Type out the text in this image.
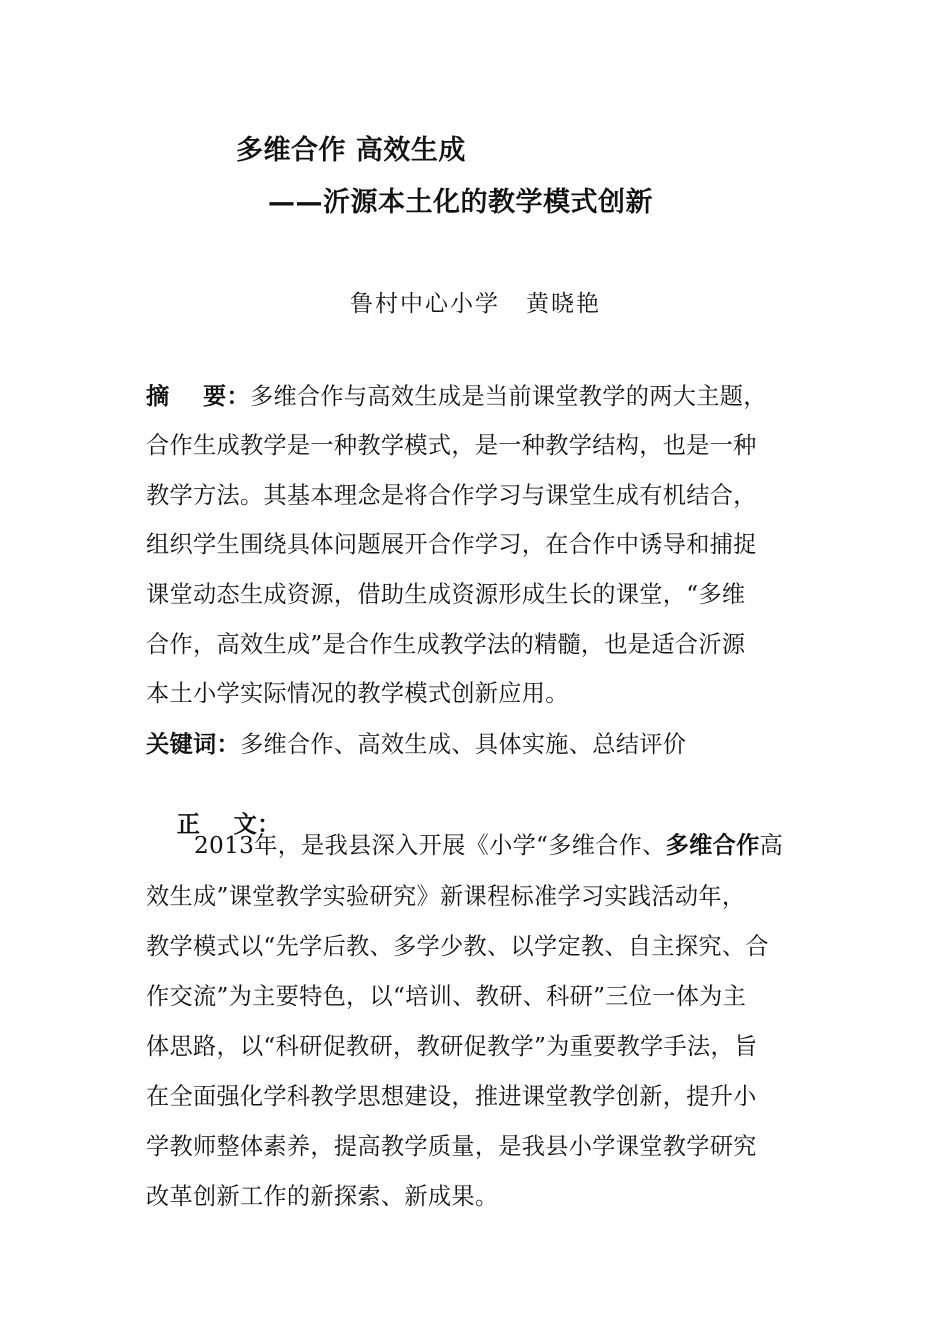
多维合作 高效生成
——沂源本土化的教学模式创新
鲁村中心小学 黄晓艳
摘    要：多维合作与高效生成是当前课堂教学的两大主题，
合作生成教学是一种教学模式，是一种教学结构，也是一种
教学方法。其基本理念是将合作学习与课堂生成有机结合，
组织学生围绕具体问题展开合作学习，在合作中诱导和捕捉
课堂动态生成资源，借助生成资源形成生长的课堂，“多维
合作，高效生成”是合作生成教学法的精髓，也是适合沂源
本土小学实际情况的教学模式创新应用。
关键词：多维合作、高效生成、具体实施、总结评价

正    文：

2013年，是我县深入开展《小学“多维合作、多维合作高
效生成”课堂教学实验研究》新课程标准学习实践活动年，
教学模式以“先学后教、多学少教、以学定教、自主探究、合
作交流”为主要特色，以“培训、教研、科研”三位一体为主
体思路，以“科研促教研，教研促教学”为重要教学手法，旨
在全面强化学科教学思想建设，推进课堂教学创新，提升小
学教师整体素养，提高教学质量，是我县小学课堂教学研究
改革创新工作的新探索、新成果。
